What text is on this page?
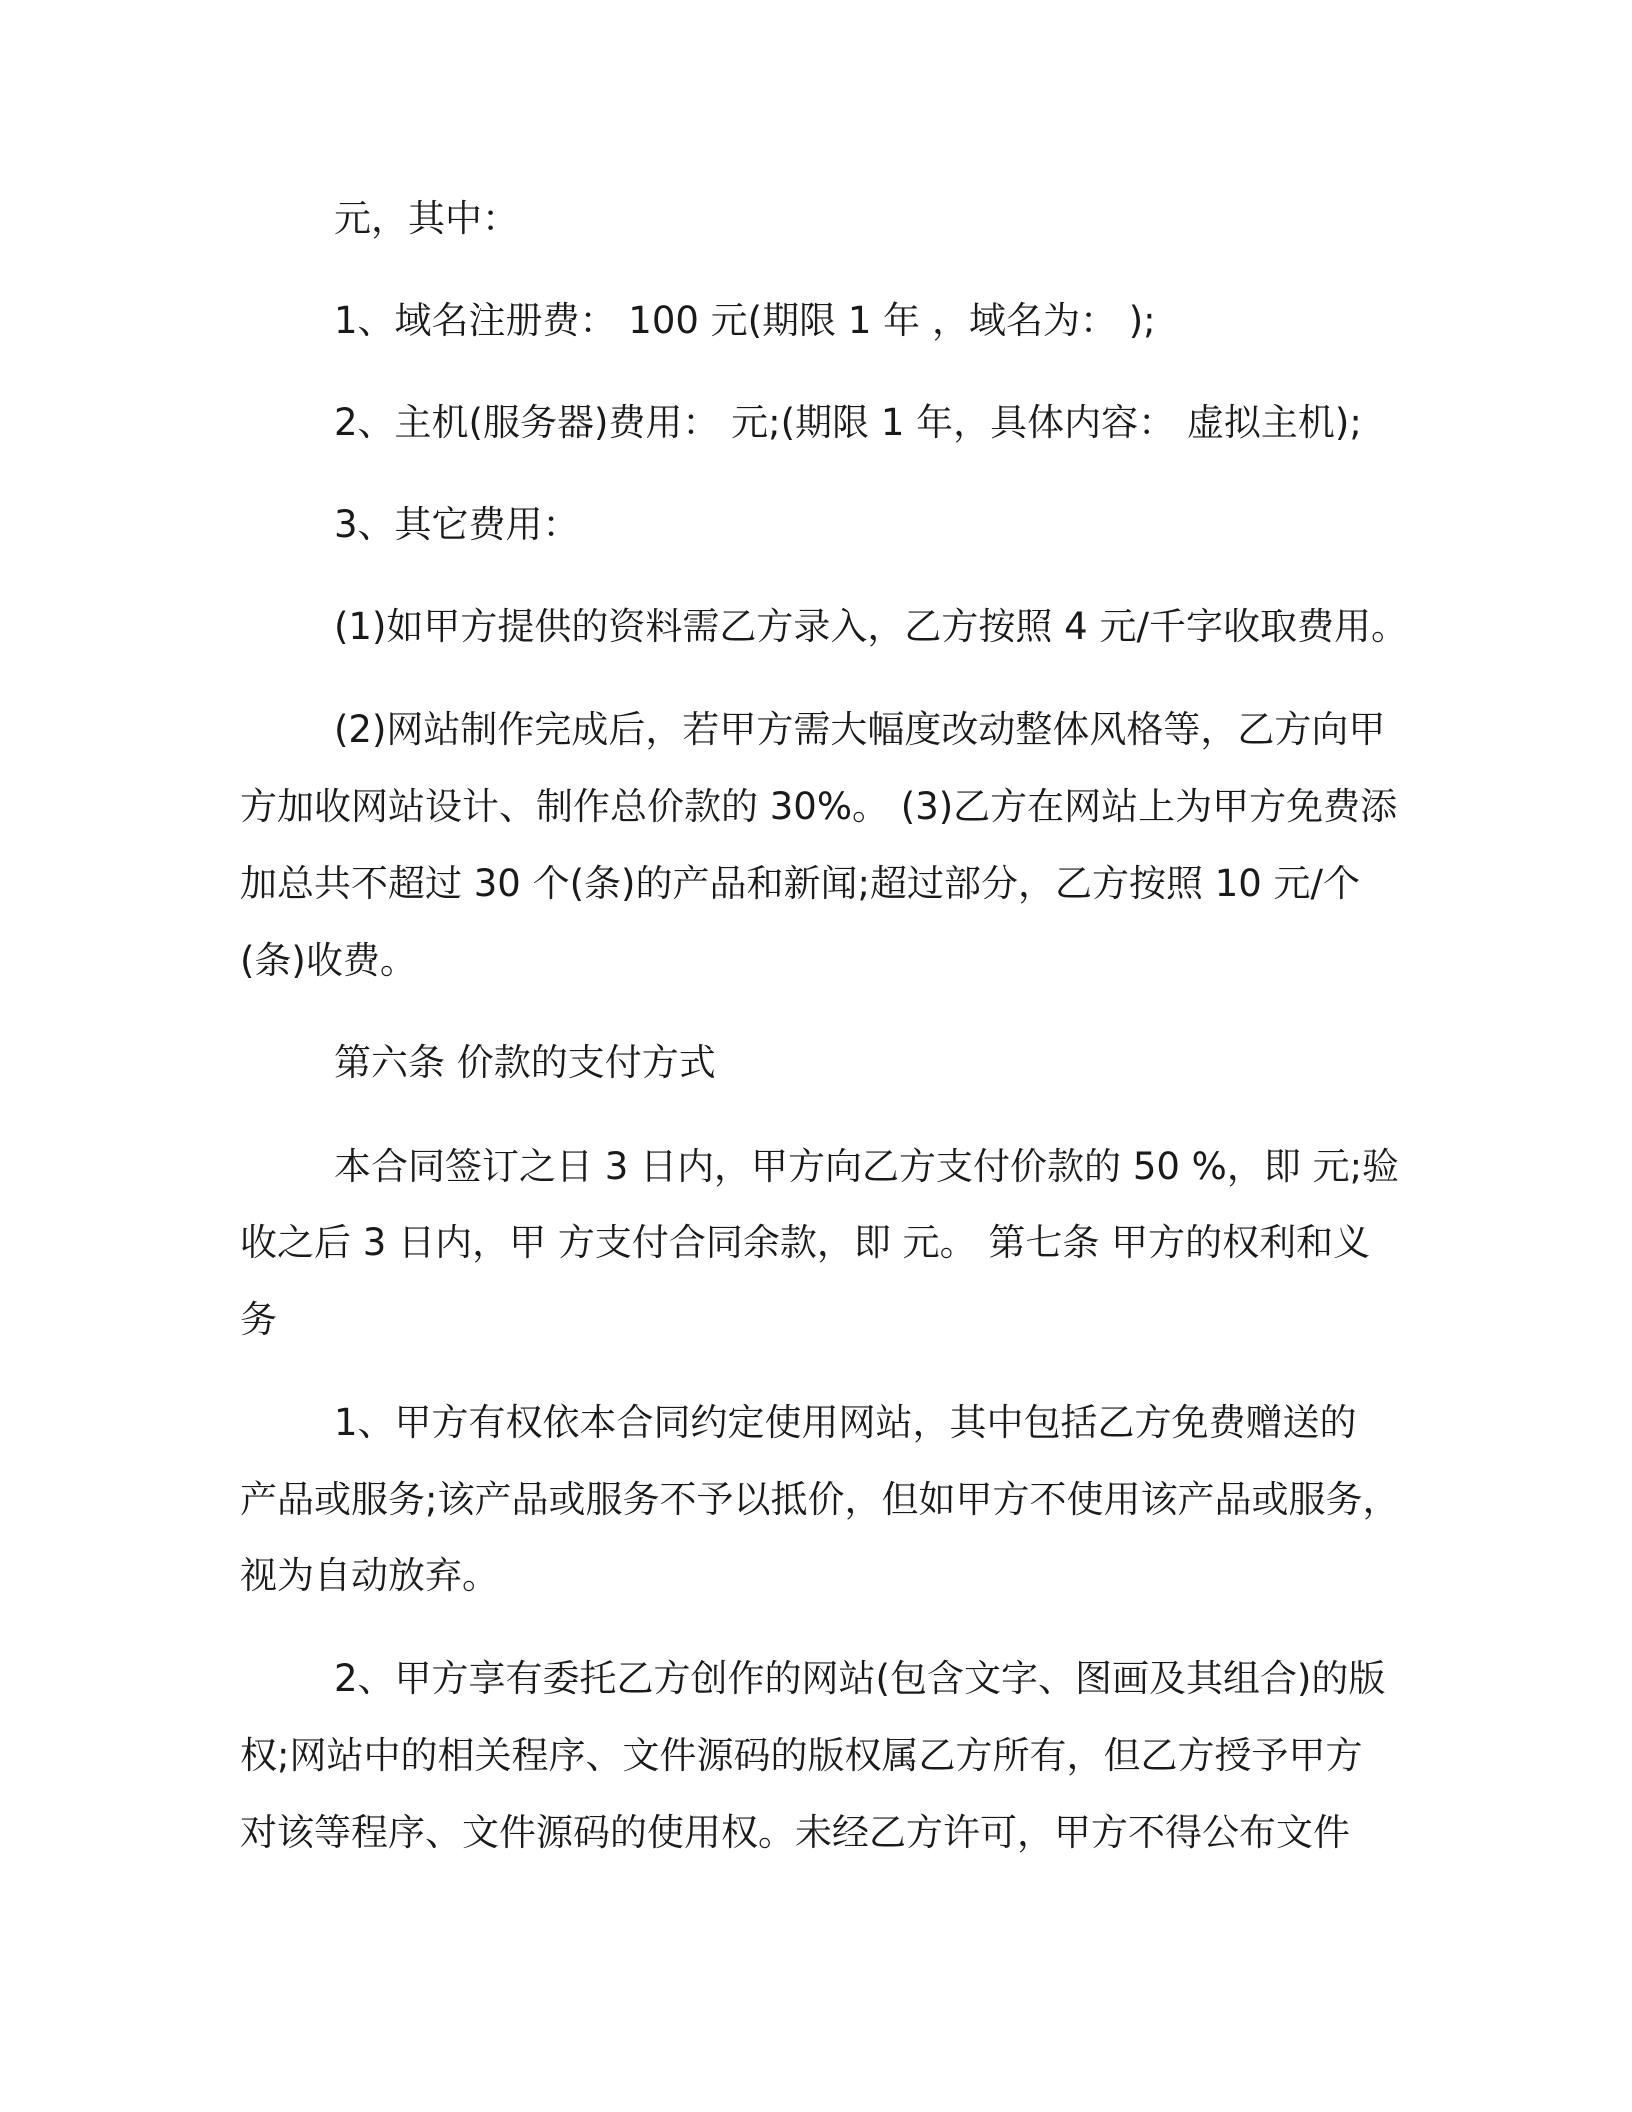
元，其中：
1、域名注册费： 100 元(期限 1 年 ，域名为： );
2、主机(服务器)费用： 元;(期限 1 年，具体内容： 虚拟主机);
3、其它费用：
(1)如甲方提供的资料需乙方录入，乙方按照 4 元/千字收取费用。
(2)网站制作完成后，若甲方需大幅度改动整体风格等，乙方向甲
方加收网站设计、制作总价款的 30%。 (3)乙方在网站上为甲方免费添
加总共不超过 30 个(条)的产品和新闻;超过部分，乙方按照 10 元/个
(条)收费。
第六条 价款的支付方式
本合同签订之日 3 日内，甲方向乙方支付价款的 50 %，即 元;验
收之后 3 日内，甲 方支付合同余款，即 元。 第七条 甲方的权利和义
务
1、甲方有权依本合同约定使用网站，其中包括乙方免费赠送的
产品或服务;该产品或服务不予以抵价，但如甲方不使用该产品或服务，
视为自动放弃。
2、甲方享有委托乙方创作的网站(包含文字、图画及其组合)的版
权;网站中的相关程序、文件源码的版权属乙方所有，但乙方授予甲方
对该等程序、文件源码的使用权。未经乙方许可，甲方不得公布文件
